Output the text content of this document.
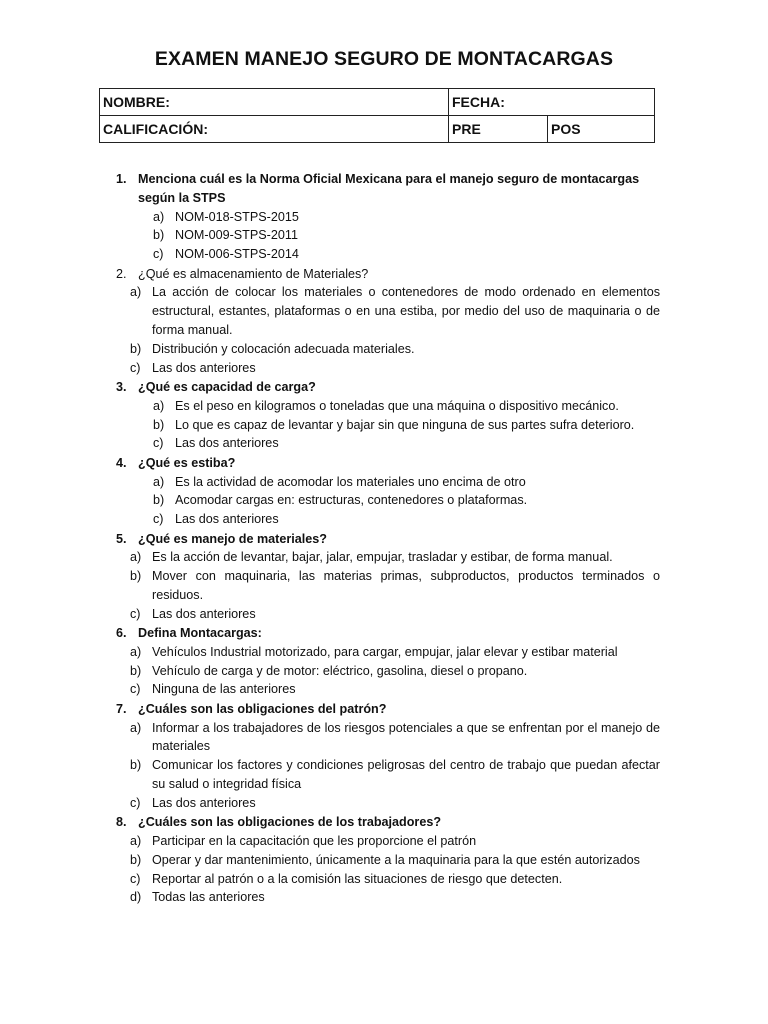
EXAMEN MANEJO SEGURO DE MONTACARGAS
NOMBRE:	FECHA:	
CALIFICACIÓN:	PRE	POS
1. Menciona cuál es la Norma Oficial Mexicana para el manejo seguro de montacargas según la STPS
a) NOM-018-STPS-2015
b) NOM-009-STPS-2011
c) NOM-006-STPS-2014
2. ¿Qué es almacenamiento de Materiales?
a) La acción de colocar los materiales o contenedores de modo ordenado en elementos estructural, estantes, plataformas o en una estiba, por medio del uso de maquinaria o de forma manual.
b) Distribución y colocación adecuada materiales.
c) Las dos anteriores
3. ¿Qué es capacidad de carga?
a) Es el peso en kilogramos o toneladas que una máquina o dispositivo mecánico.
b) Lo que es capaz de levantar y bajar sin que ninguna de sus partes sufra deterioro.
c) Las dos anteriores
4. ¿Qué es estiba?
a) Es la actividad de acomodar los materiales uno encima de otro
b) Acomodar cargas en: estructuras, contenedores o plataformas.
c) Las dos anteriores
5. ¿Qué es manejo de materiales?
a) Es la acción de levantar, bajar, jalar, empujar, trasladar y estibar, de forma manual.
b) Mover con maquinaria, las materias primas, subproductos, productos terminados o residuos.
c) Las dos anteriores
6. Defina Montacargas:
a) Vehículos Industrial motorizado, para cargar, empujar, jalar elevar y estibar material
b) Vehículo de carga y de motor: eléctrico, gasolina, diesel o propano.
c) Ninguna de las anteriores
7. ¿Cuáles son las obligaciones del patrón?
a) Informar a los trabajadores de los riesgos potenciales a que se enfrentan por el manejo de materiales
b) Comunicar los factores y condiciones peligrosas del centro de trabajo que puedan afectar su salud o integridad física
c) Las dos anteriores
8. ¿Cuáles son las obligaciones de los trabajadores?
a) Participar en la capacitación que les proporcione el patrón
b) Operar y dar mantenimiento, únicamente a la maquinaria para la que estén autorizados
c) Reportar al patrón o a la comisión las situaciones de riesgo que detecten.
d) Todas las anteriores
